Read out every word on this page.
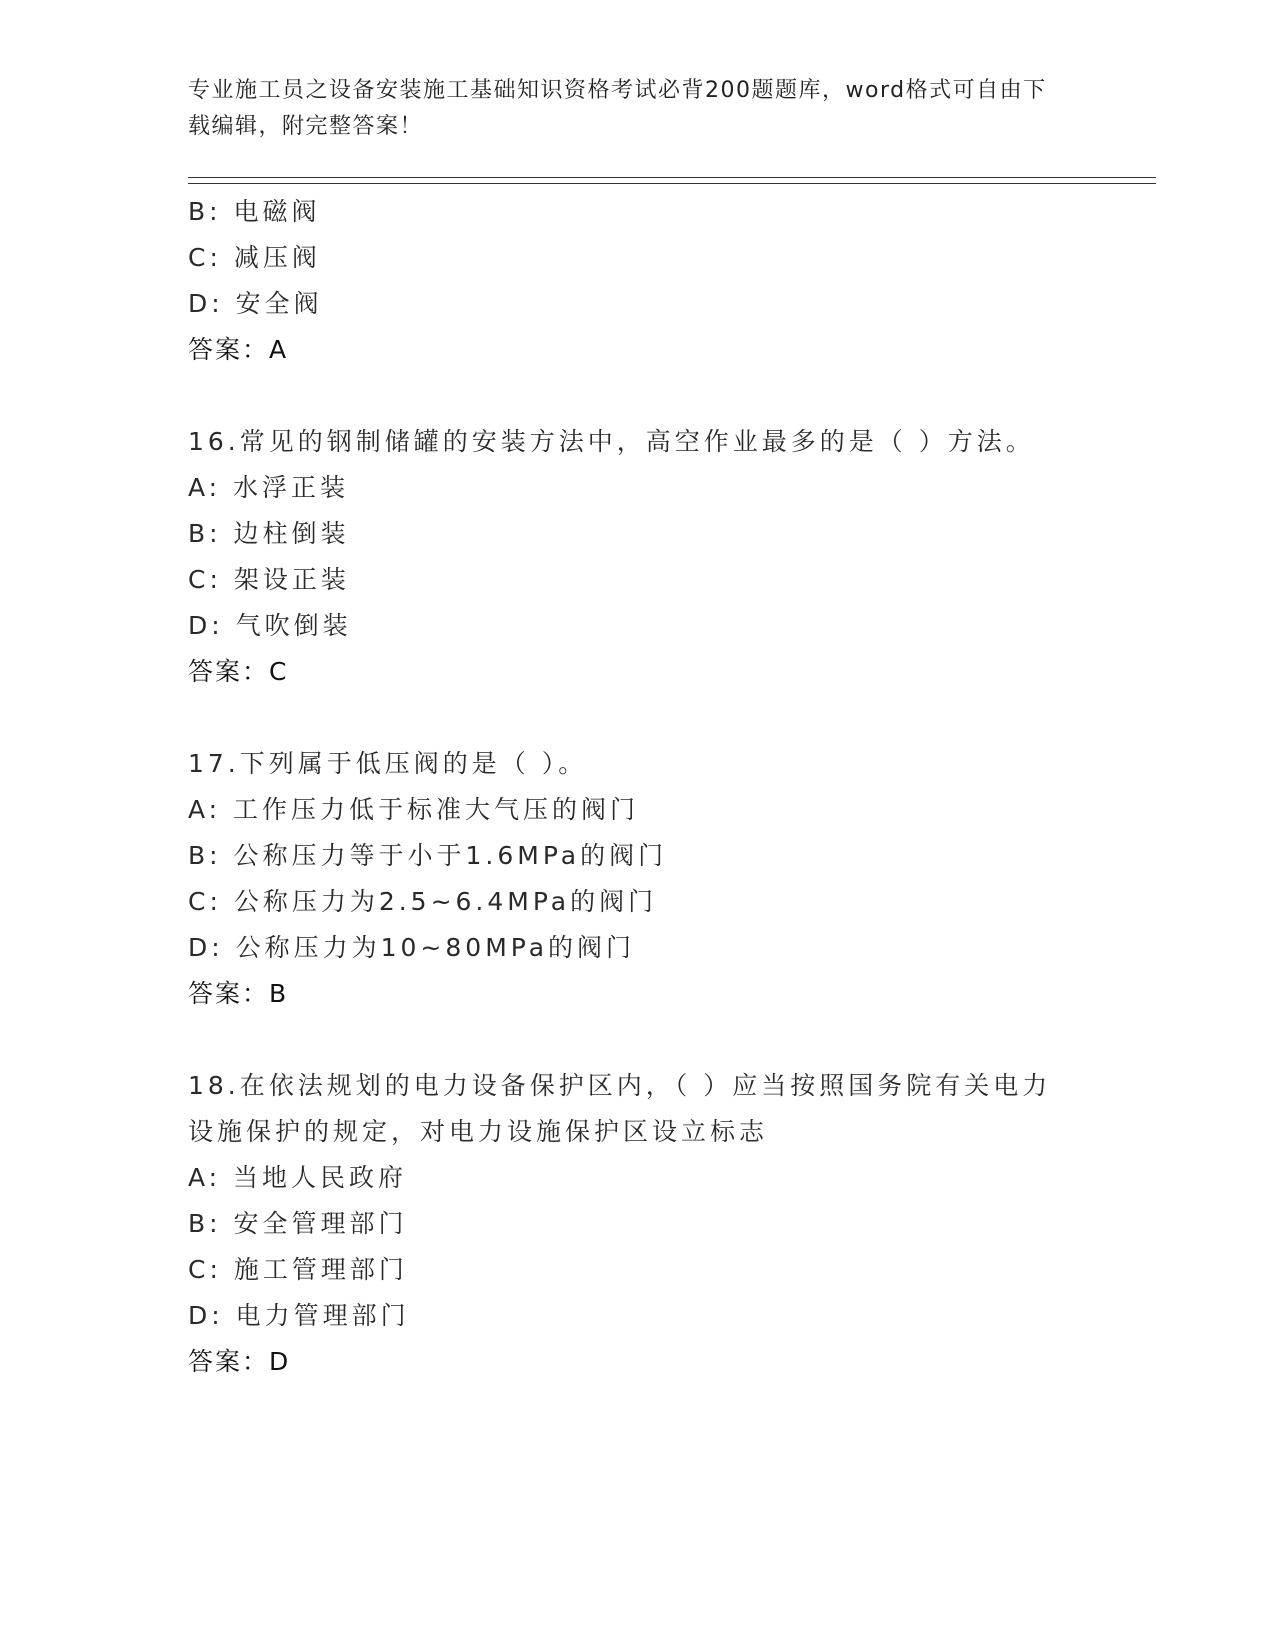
专业施工员之设备安装施工基础知识资格考试必背200题题库，word格式可自由下载编辑，附完整答案！
B: 电磁阀
C: 减压阀
D: 安全阀
答案：A
16.常见的钢制储罐的安装方法中，高空作业最多的是（ ）方法。
A: 水浮正装
B: 边柱倒装
C: 架设正装
D: 气吹倒装
答案：C
17.下列属于低压阀的是（ ）。
A: 工作压力低于标准大气压的阀门
B: 公称压力等于小于1.6MPa的阀门
C: 公称压力为2.5~6.4MPa的阀门
D: 公称压力为10~80MPa的阀门
答案：B
18.在依法规划的电力设备保护区内，（ ）应当按照国务院有关电力设施保护的规定，对电力设施保护区设立标志
A: 当地人民政府
B: 安全管理部门
C: 施工管理部门
D: 电力管理部门
答案：D
